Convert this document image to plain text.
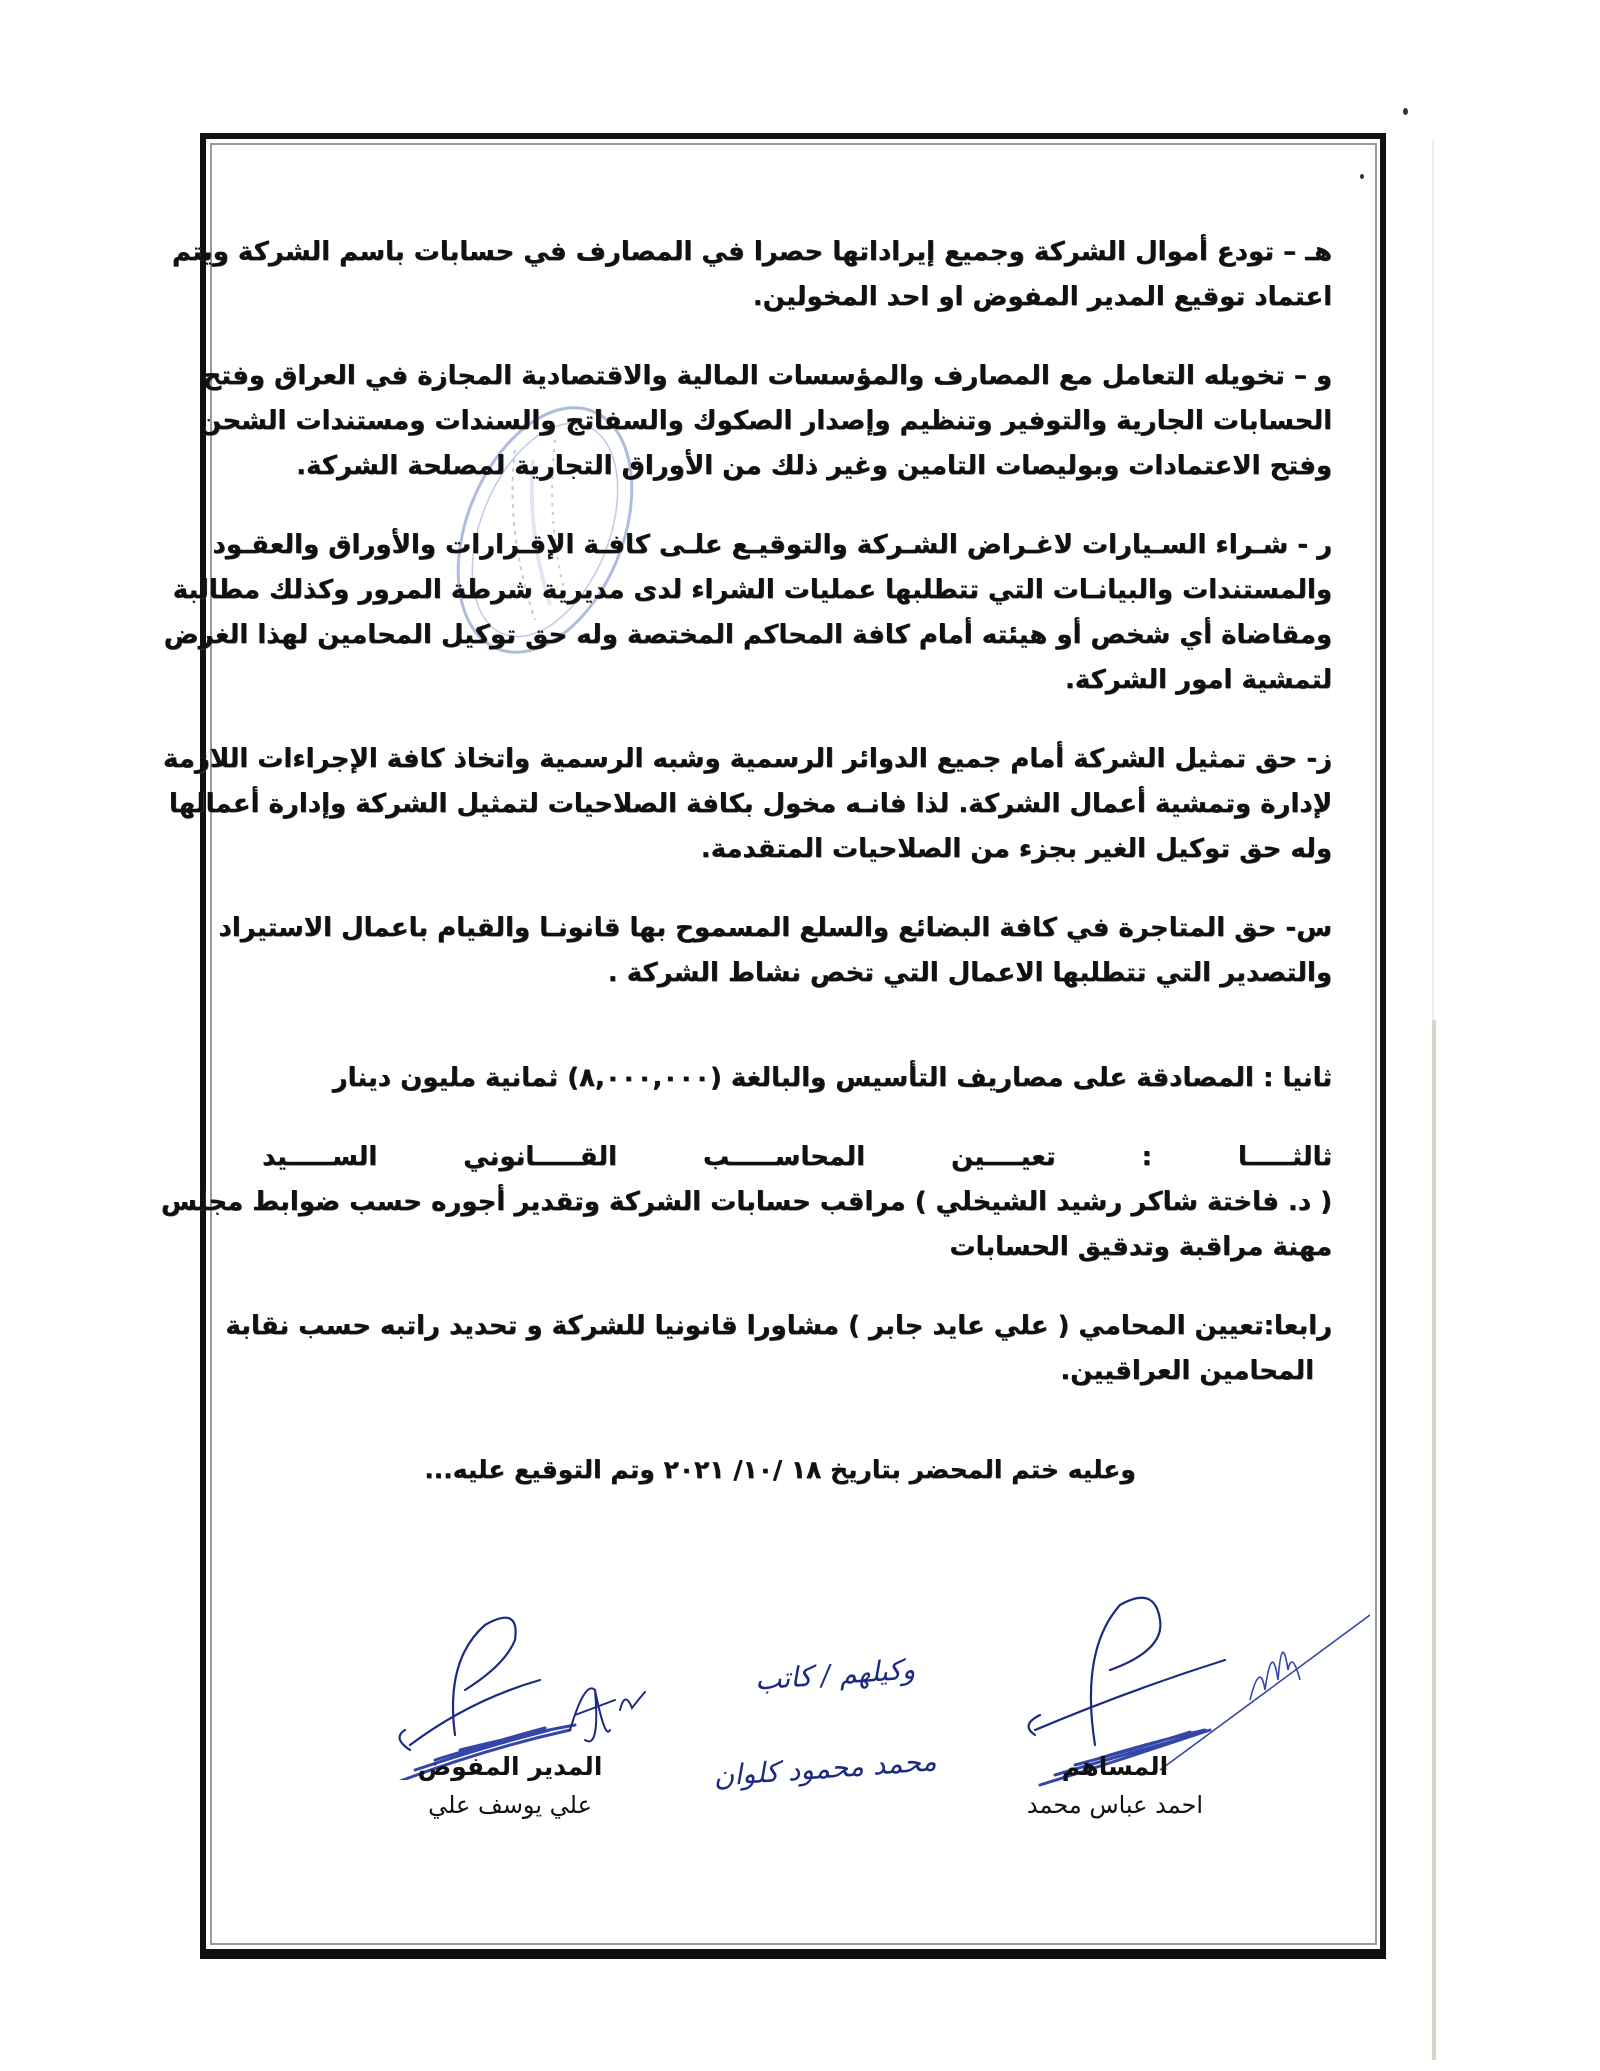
هـ – تودع أموال الشركة وجميع إيراداتها حصرا في المصارف في حسابات باسم الشركة ويتم
اعتماد توقيع المدير المفوض او احد المخولين.
و – تخويله التعامل مع المصارف والمؤسسات المالية والاقتصادية المجازة في العراق وفتح
الحسابات الجارية والتوفير وتنظيم وإصدار الصكوك والسفاتج والسندات ومستندات الشحن
وفتح الاعتمادات وبوليصات التامين وغير ذلك من الأوراق التجارية لمصلحة الشركة.
ر - شـراء السـيارات لاغـراض الشـركة والتوقيـع علـى كافـة الإقـرارات والأوراق والعقـود
والمستندات والبيانـات التي تتطلبها عمليات الشراء لدى مديرية شرطة المرور وكذلك مطالبة
ومقاضاة أي شخص أو هيئته أمام كافة المحاكم المختصة وله حق توكيل المحامين لهذا الغرض
لتمشية امور الشركة.
ز- حق تمثيل الشركة أمام جميع الدوائر الرسمية وشبه الرسمية واتخاذ كافة الإجراءات اللازمة
لإدارة وتمشية أعمال الشركة. لذا فانـه مخول بكافة الصلاحيات لتمثيل الشركة وإدارة أعمالها
وله حق توكيل الغير بجزء من الصلاحيات المتقدمة.
س- حق المتاجرة في كافة البضائع والسلع المسموح بها قانونـا والقيام باعمال الاستيراد
والتصدير التي تتطلبها الاعمال التي تخص نشاط الشركة .
ثانيا : المصادقة على مصاريف التأسيس والبالغة (٨,٠٠٠,٠٠٠) ثمانية مليون دينار
ثالثـــــا : تعيــــين المحاســـــب القـــــانوني الســـــيد
( د. فاختة شاكر رشيد الشيخلي ) مراقب حسابات الشركة وتقدير أجوره حسب ضوابط مجلس
مهنة مراقبة وتدقيق الحسابات
رابعا:تعيين المحامي ( علي عايد جابر ) مشاورا قانونيا للشركة و تحديد راتبه حسب نقابة
المحامين العراقيين.
وعليه ختم المحضر بتاريخ ١٨ /١٠/ ٢٠٢١ وتم التوقيع عليه...
وكيلهم / كاتب
محمد محمود كلوان	المساهم
احمد عباس محمد
المدير المفوض
علي يوسف علي
